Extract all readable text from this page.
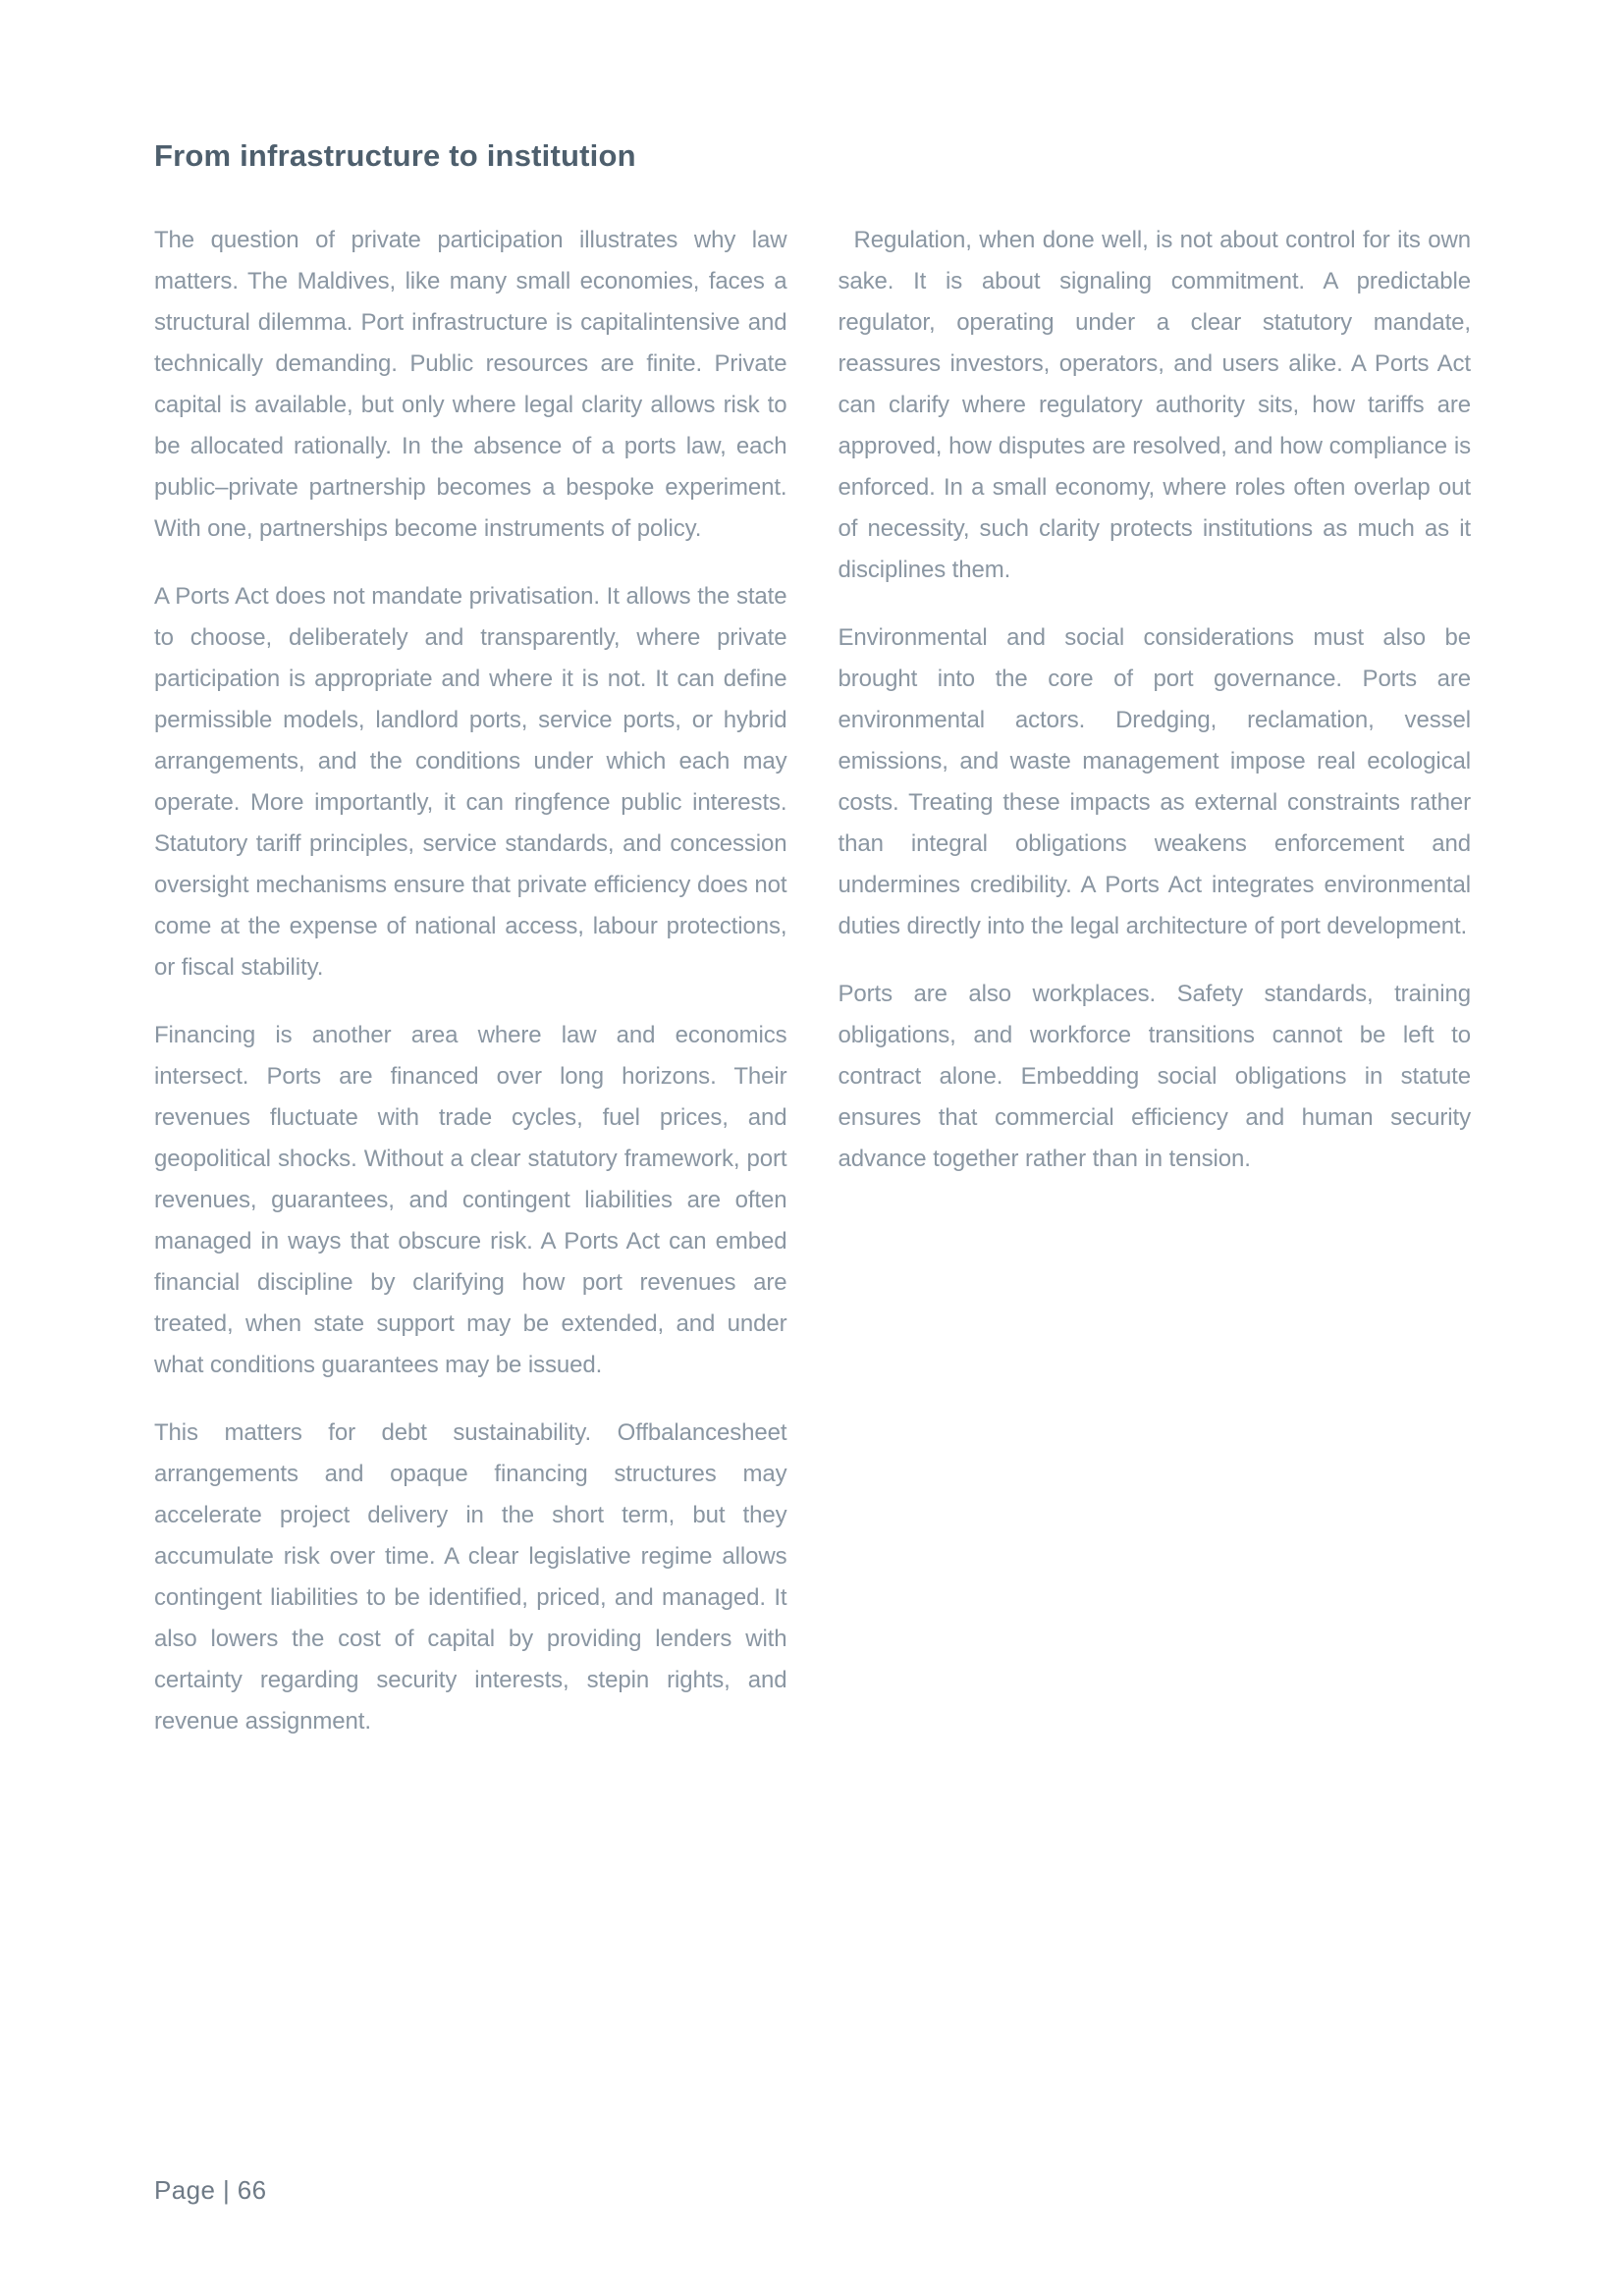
From infrastructure to institution

The question of private participation illustrates why law matters. The Maldives, like many small economies, faces a structural dilemma. Port infrastructure is capitalintensive and technically demanding. Public resources are finite. Private capital is available, but only where legal clarity allows risk to be allocated rationally. In the absence of a ports law, each public–private partnership becomes a bespoke experiment. With one, partnerships become instruments of policy.

A Ports Act does not mandate privatisation. It allows the state to choose, deliberately and transparently, where private participation is appropriate and where it is not. It can define permissible models, landlord ports, service ports, or hybrid arrangements, and the conditions under which each may operate. More importantly, it can ringfence public interests. Statutory tariff principles, service standards, and concession oversight mechanisms ensure that private efficiency does not come at the expense of national access, labour protections, or fiscal stability.

Financing is another area where law and economics intersect. Ports are financed over long horizons. Their revenues fluctuate with trade cycles, fuel prices, and geopolitical shocks. Without a clear statutory framework, port revenues, guarantees, and contingent liabilities are often managed in ways that obscure risk. A Ports Act can embed financial discipline by clarifying how port revenues are treated, when state support may be extended, and under what conditions guarantees may be issued.

This matters for debt sustainability. Offbalancesheet arrangements and opaque financing structures may accelerate project delivery in the short term, but they accumulate risk over time. A clear legislative regime allows contingent liabilities to be identified, priced, and managed. It also lowers the cost of capital by providing lenders with certainty regarding security interests, stepin rights, and revenue assignment.

Regulation, when done well, is not about control for its own sake. It is about signaling commitment. A predictable regulator, operating under a clear statutory mandate, reassures investors, operators, and users alike. A Ports Act can clarify where regulatory authority sits, how tariffs are approved, how disputes are resolved, and how compliance is enforced. In a small economy, where roles often overlap out of necessity, such clarity protects institutions as much as it disciplines them.

Environmental and social considerations must also be brought into the core of port governance. Ports are environmental actors. Dredging, reclamation, vessel emissions, and waste management impose real ecological costs. Treating these impacts as external constraints rather than integral obligations weakens enforcement and undermines credibility. A Ports Act integrates environmental duties directly into the legal architecture of port development.

Ports are also workplaces. Safety standards, training obligations, and workforce transitions cannot be left to contract alone. Embedding social obligations in statute ensures that commercial efficiency and human security advance together rather than in tension.

Page | 66
